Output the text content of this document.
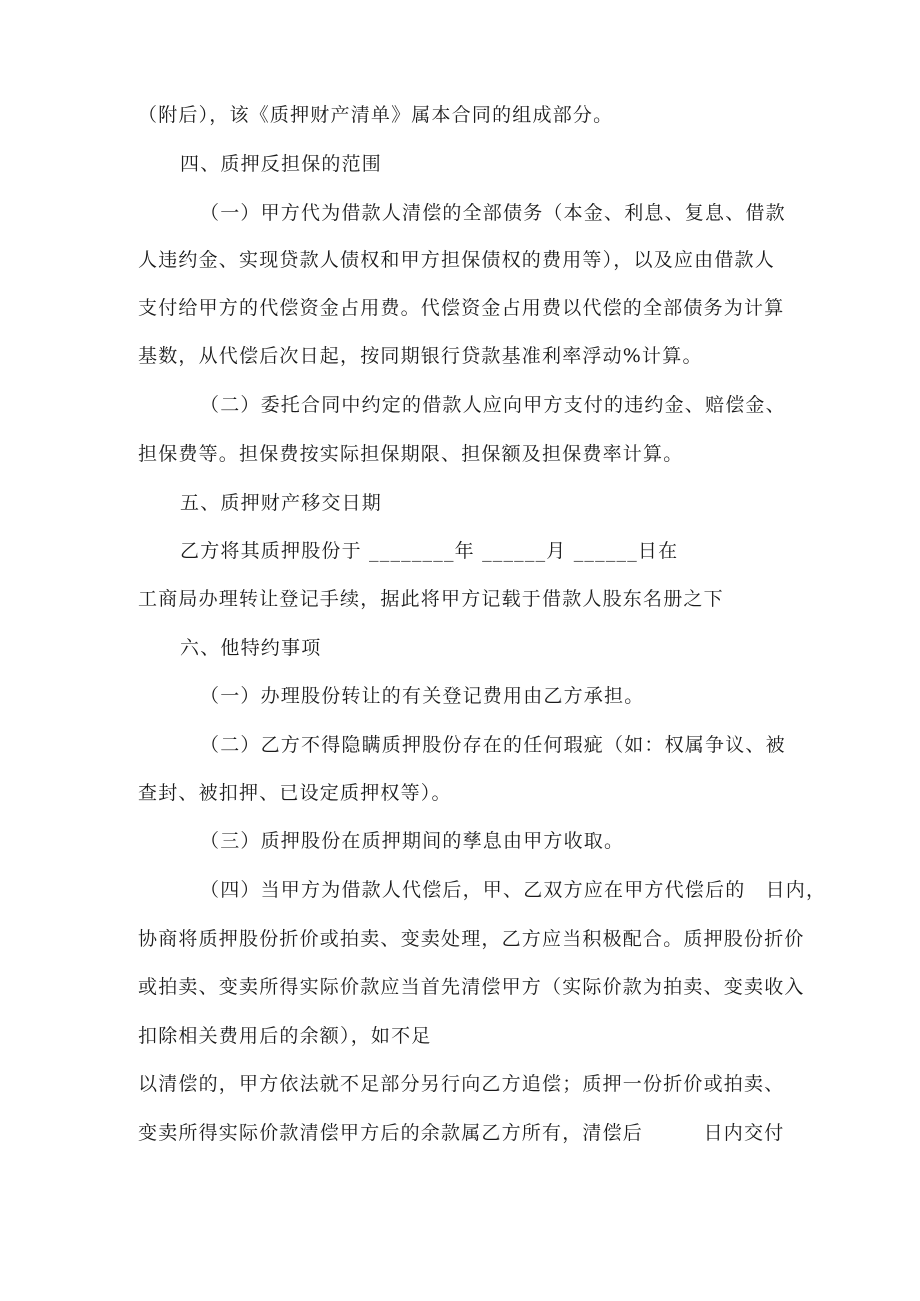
（附后），该《质押财产清单》属本合同的组成部分。
四、质押反担保的范围
（一）甲方代为借款人清偿的全部债务（本金、利息、复息、借款
人违约金、实现贷款人债权和甲方担保债权的费用等），以及应由借款人
支付给甲方的代偿资金占用费。代偿资金占用费以代偿的全部债务为计算
基数，从代偿后次日起，按同期银行贷款基准利率浮动%计算。
（二）委托合同中约定的借款人应向甲方支付的违约金、赔偿金、
担保费等。担保费按实际担保期限、担保额及担保费率计算。
五、质押财产移交日期
乙方将其质押股份于 ________年 ______月 ______日在
工商局办理转让登记手续，据此将甲方记载于借款人股东名册之下
六、他特约事项
（一）办理股份转让的有关登记费用由乙方承担。
（二）乙方不得隐瞒质押股份存在的任何瑕疵（如：权属争议、被
查封、被扣押、已设定质押权等）。
（三）质押股份在质押期间的孳息由甲方收取。
（四）当甲方为借款人代偿后，甲、乙双方应在甲方代偿后的　日内，
协商将质押股份折价或拍卖、变卖处理，乙方应当积极配合。质押股份折价
或拍卖、变卖所得实际价款应当首先清偿甲方（实际价款为拍卖、变卖收入
扣除相关费用后的余额），如不足
以清偿的，甲方依法就不足部分另行向乙方追偿；质押一份折价或拍卖、
变卖所得实际价款清偿甲方后的余款属乙方所有，清偿后　　　日内交付
